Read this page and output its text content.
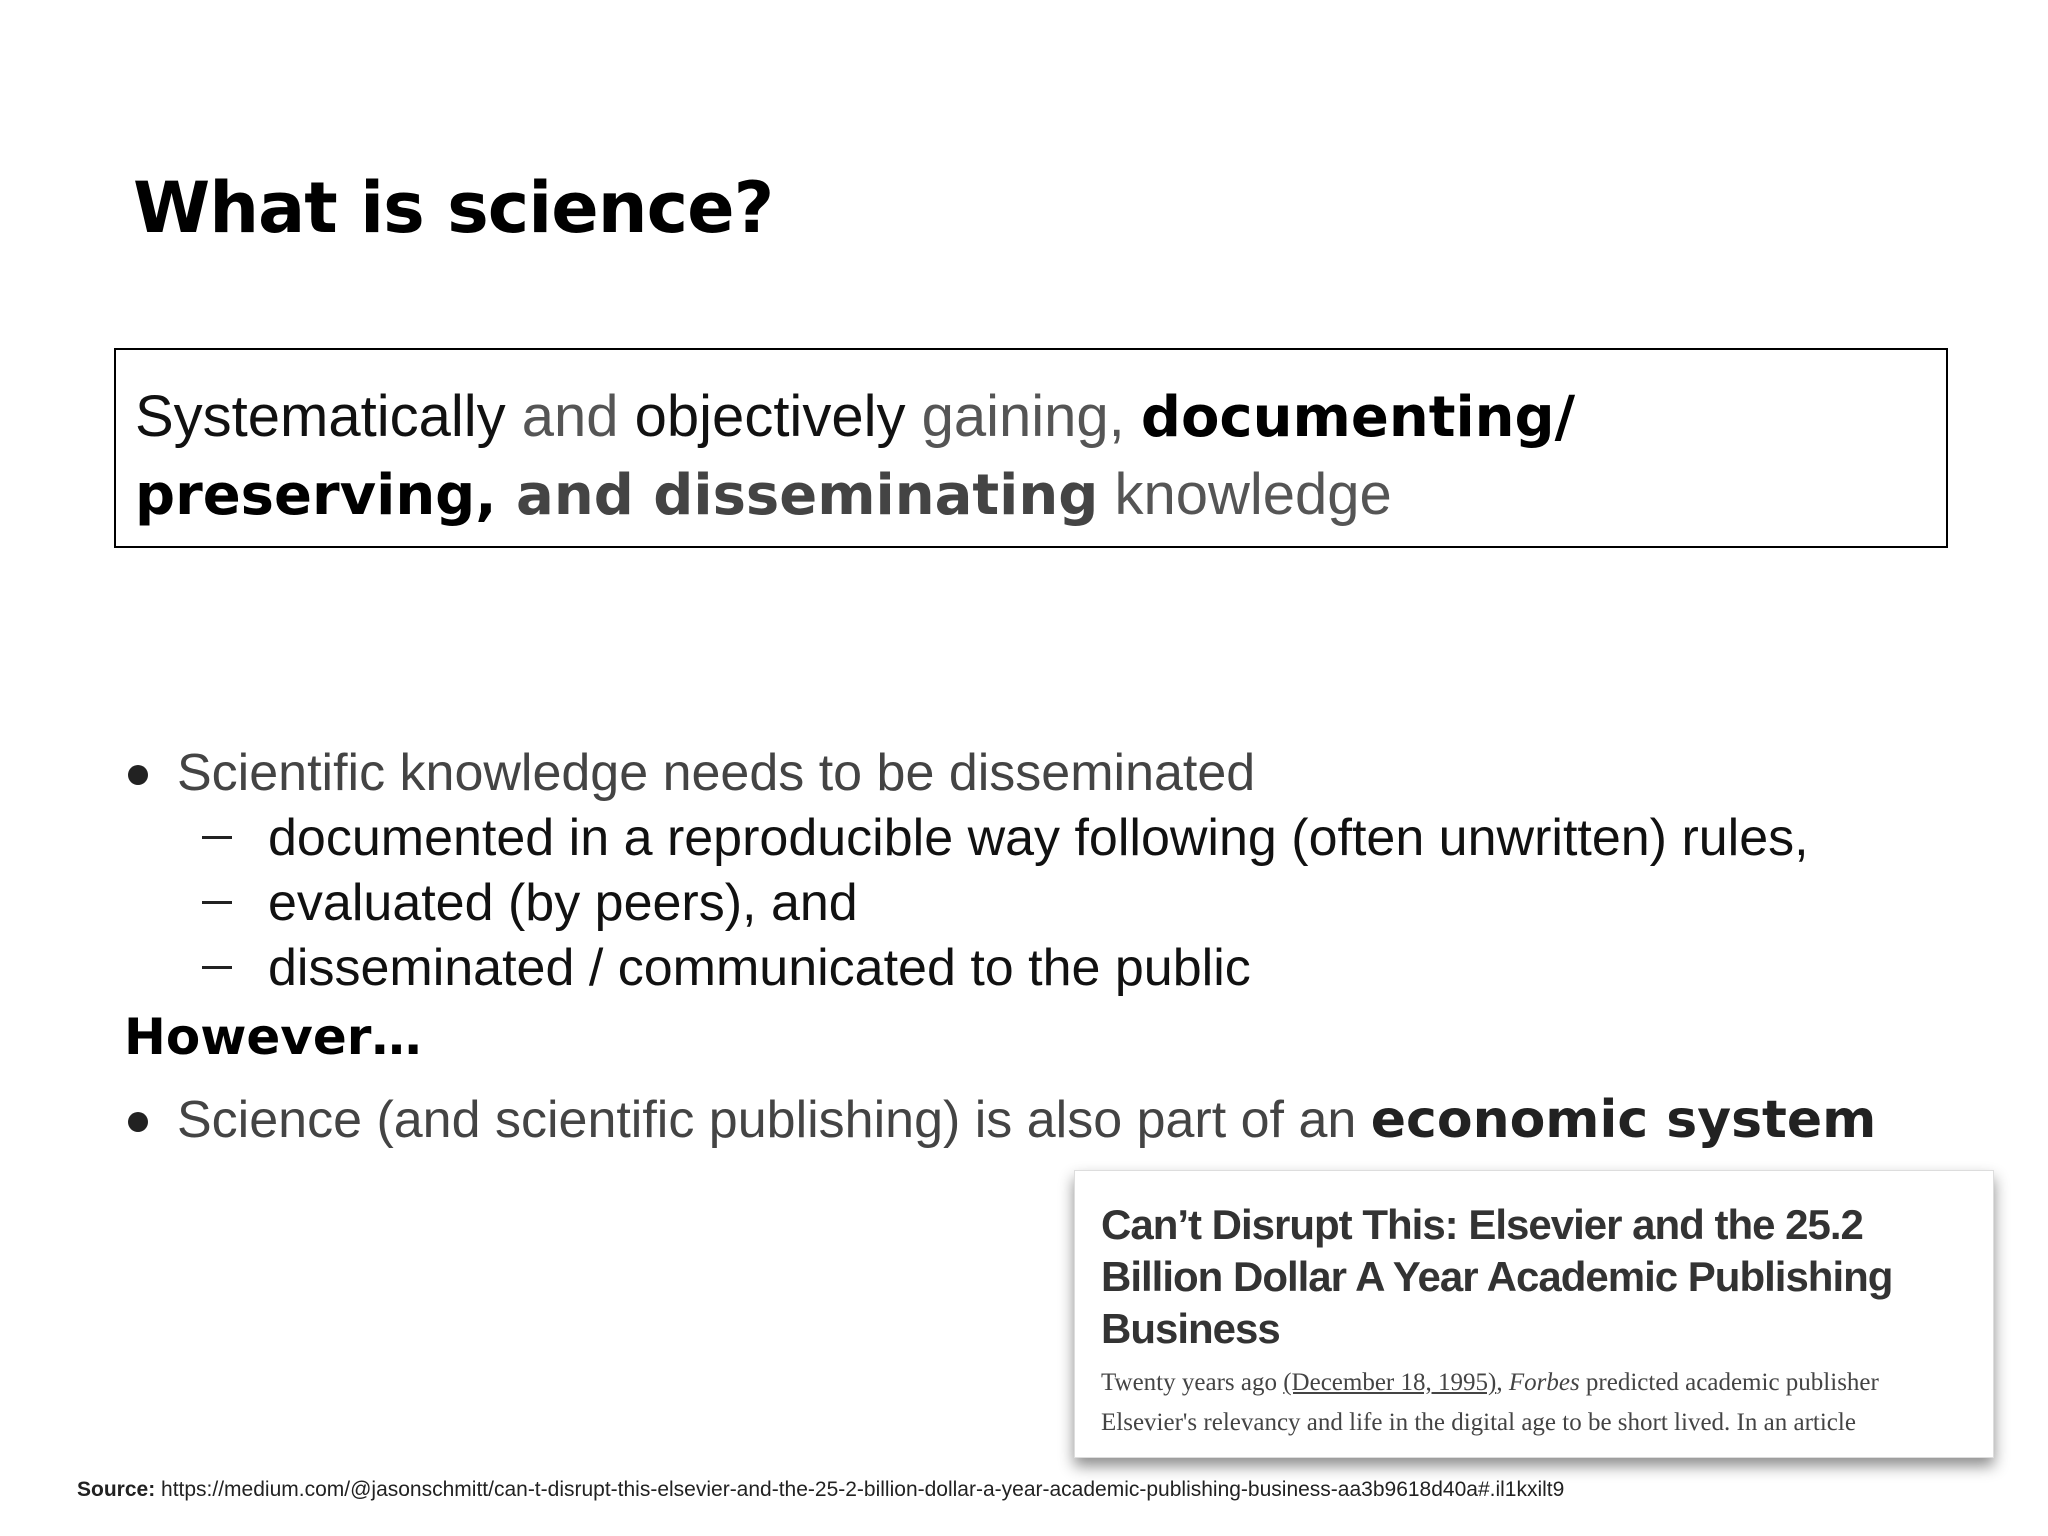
What is science?
Systematically and objectively gaining, documenting/ preserving, and disseminating knowledge
Scientific knowledge needs to be disseminated
documented in a reproducible way following (often unwritten) rules,
evaluated (by peers), and
disseminated / communicated to the public
However…
Science (and scientific publishing) is also part of an economic system
Can’t Disrupt This: Elsevier and the 25.2 Billion Dollar A Year Academic Publishing Business
Twenty years ago (December 18, 1995), Forbes predicted academic publisher
Elsevier's relevancy and life in the digital age to be short lived. In an article
Source: https://medium.com/@jasonschmitt/can-t-disrupt-this-elsevier-and-the-25-2-billion-dollar-a-year-academic-publishing-business-aa3b9618d40a#.il1kxilt9
